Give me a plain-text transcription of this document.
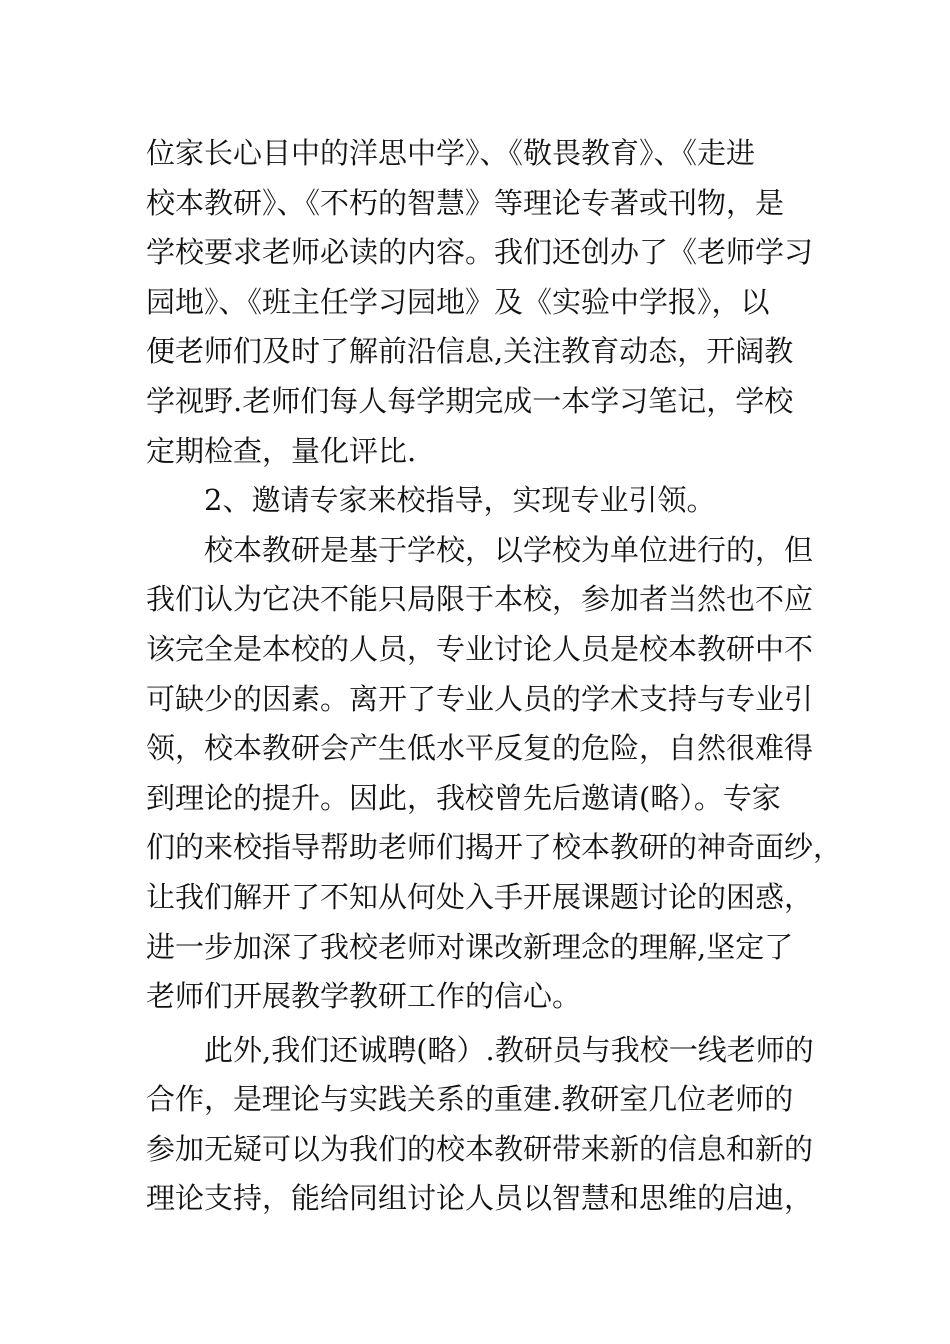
位家长心目中的洋思中学》、《敬畏教育》、《走进
校本教研》、《不朽的智慧》等理论专著或刊物，是
学校要求老师必读的内容。我们还创办了《老师学习
园地》、《班主任学习园地》及《实验中学报》，以
便老师们及时了解前沿信息,关注教育动态，开阔教
学视野.老师们每人每学期完成一本学习笔记，学校
定期检查，量化评比.
2、邀请专家来校指导，实现专业引领。
校本教研是基于学校，以学校为单位进行的，但
我们认为它决不能只局限于本校，参加者当然也不应
该完全是本校的人员，专业讨论人员是校本教研中不
可缺少的因素。离开了专业人员的学术支持与专业引
领，校本教研会产生低水平反复的危险，自然很难得
到理论的提升。因此，我校曾先后邀请(略）。专家
们的来校指导帮助老师们揭开了校本教研的神奇面纱，
让我们解开了不知从何处入手开展课题讨论的困惑，
进一步加深了我校老师对课改新理念的理解,坚定了
老师们开展教学教研工作的信心。
此外,我们还诚聘(略）.教研员与我校一线老师的
合作，是理论与实践关系的重建.教研室几位老师的
参加无疑可以为我们的校本教研带来新的信息和新的
理论支持，能给同组讨论人员以智慧和思维的启迪，
